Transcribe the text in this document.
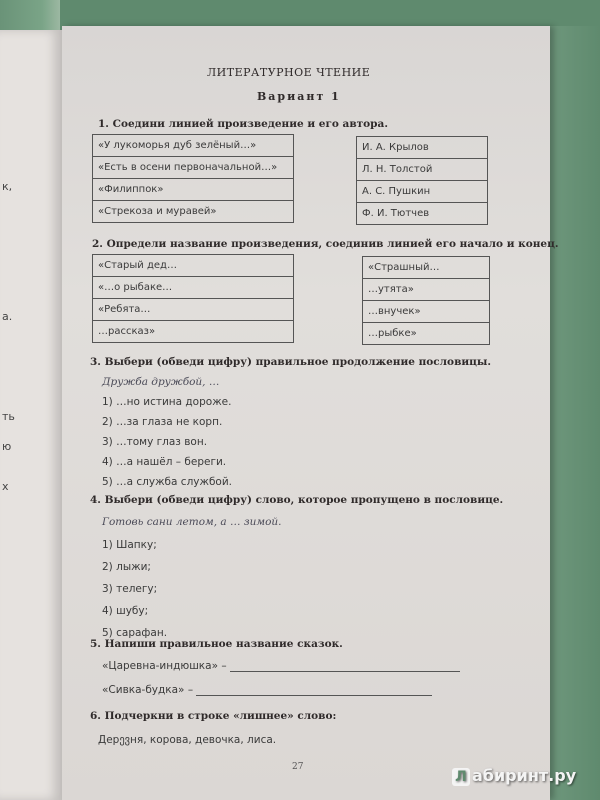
к,
а.
ть
ю
х
ЛИТЕРАТУРНОЕ ЧТЕНИЕ
Вариант 1
1. Соедини линией произведение и его автора.
«У лукоморья дуб зелёный…»
«Есть в осени первоначальной…»
«Филиппок»
«Стрекоза и муравей»
И. А. Крылов
Л. Н. Толстой
А. С. Пушкин
Ф. И. Тютчев
2. Определи название произведения, соединив линией его начало и конец.
«Старый дед…
«…о рыбаке…
«Ребята…
…рассказ»
«Страшный…
…утята»
…внучек»
…рыбке»
3. Выбери (обведи цифру) правильное продолжение пословицы.
Дружба дружбой, …
1) …но истина дороже.
2) …за глаза не корп.
3) …тому глаз вон.
4) …а нашёл – береги.
5) …а служба службой.
4. Выбери (обведи цифру) слово, которое пропущено в пословице.
Готовь сани летом, а … зимой.
1) Шапку;
2) лыжи;
3) телегу;
4) шубу;
5) сарафан.
5. Напиши правильное название сказок.
«Царевна-индюшка» –
«Сивка-будка» –
6. Подчеркни в строке «лишнее» слово:
Дерევня, корова, девочка, лиса.
27
Л абиринт.ру
